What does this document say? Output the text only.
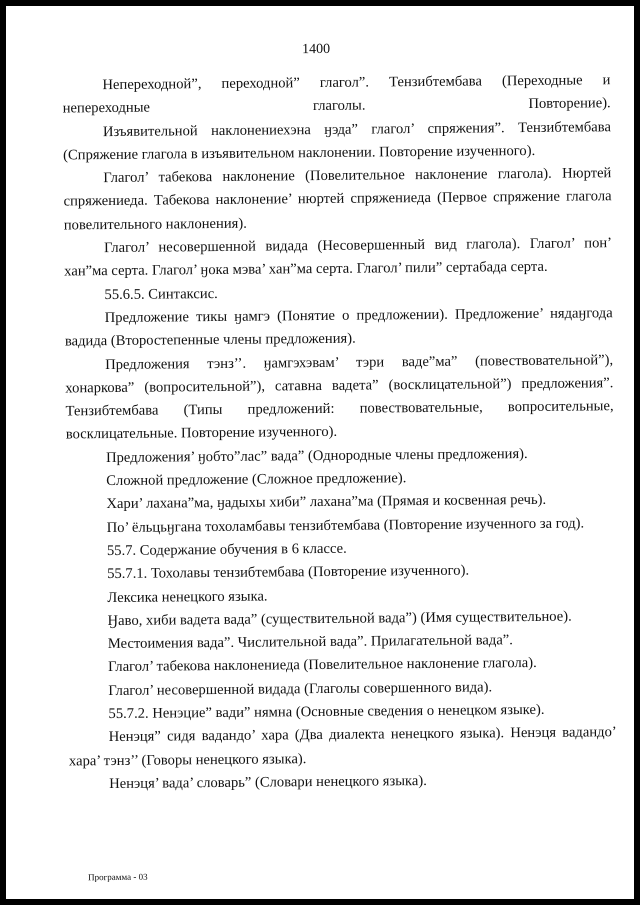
1400

Непереходной”, переходной” глагол”. Тензибтембава (Переходные и непереходные глаголы. Повторение).

Изъявительной наклонениехэна ӈэда” глагол’ спряжения”. Тензибтембава (Спряжение глагола в изъявительном наклонении. Повторение изученного).

Глагол’ табекова наклонение (Повелительное наклонение глагола). Нюртей спряжениеда. Табекова наклонение’ нюртей спряжениеда (Первое спряжение глагола повелительного наклонения).

Глагол’ несовершенной видада (Несовершенный вид глагола). Глагол’ пон’ хан”ма серта. Глагол’ ӈока мэва’ хан”ма серта. Глагол’ пили” сертабада серта.

55.6.5. Синтаксис.

Предложение тикы ӈамгэ (Понятие о предложении). Предложение’ нядаӈгода вадида (Второстепенные члены предложения).

Предложения тэнз’’. ӈамгэхэвам’ тэри ваде”ма” (повествовательной”), хонаркова” (вопросительной”), сатавна вадета” (восклицательной”) предложения”. Тензибтембава (Типы предложений: повествовательные, вопросительные, восклицательные. Повторение изученного).

Предложения’ ӈобто”лас” вада” (Однородные члены предложения).

Сложной предложение (Сложное предложение).

Хари’ лахана”ма, ӈадыхы хиби” лахана”ма (Прямая и косвенная речь).

По’ ёльцьӈгана тохоламбавы тензибтембава (Повторение изученного за год).

55.7. Содержание обучения в 6 классе.

55.7.1. Тохолавы тензибтембава (Повторение изученного).

Лексика ненецкого языка.

Ӈаво, хиби вадета вада” (существительной вада”) (Имя существительное).

Местоимения вада”. Числительной вада”. Прилагательной вада”.

Глагол’ табекова наклонениеда (Повелительное наклонение глагола).

Глагол’ несовершенной видада (Глаголы совершенного вида).

55.7.2. Ненэцие” вади” нямна (Основные сведения о ненецком языке).

Ненэця” сидя вадандо’ хара (Два диалекта ненецкого языка). Ненэця вадандо’ хара’ тэнз’’ (Говоры ненецкого языка).

Ненэця’ вада’ словарь” (Словари ненецкого языка).

Программа - 03
